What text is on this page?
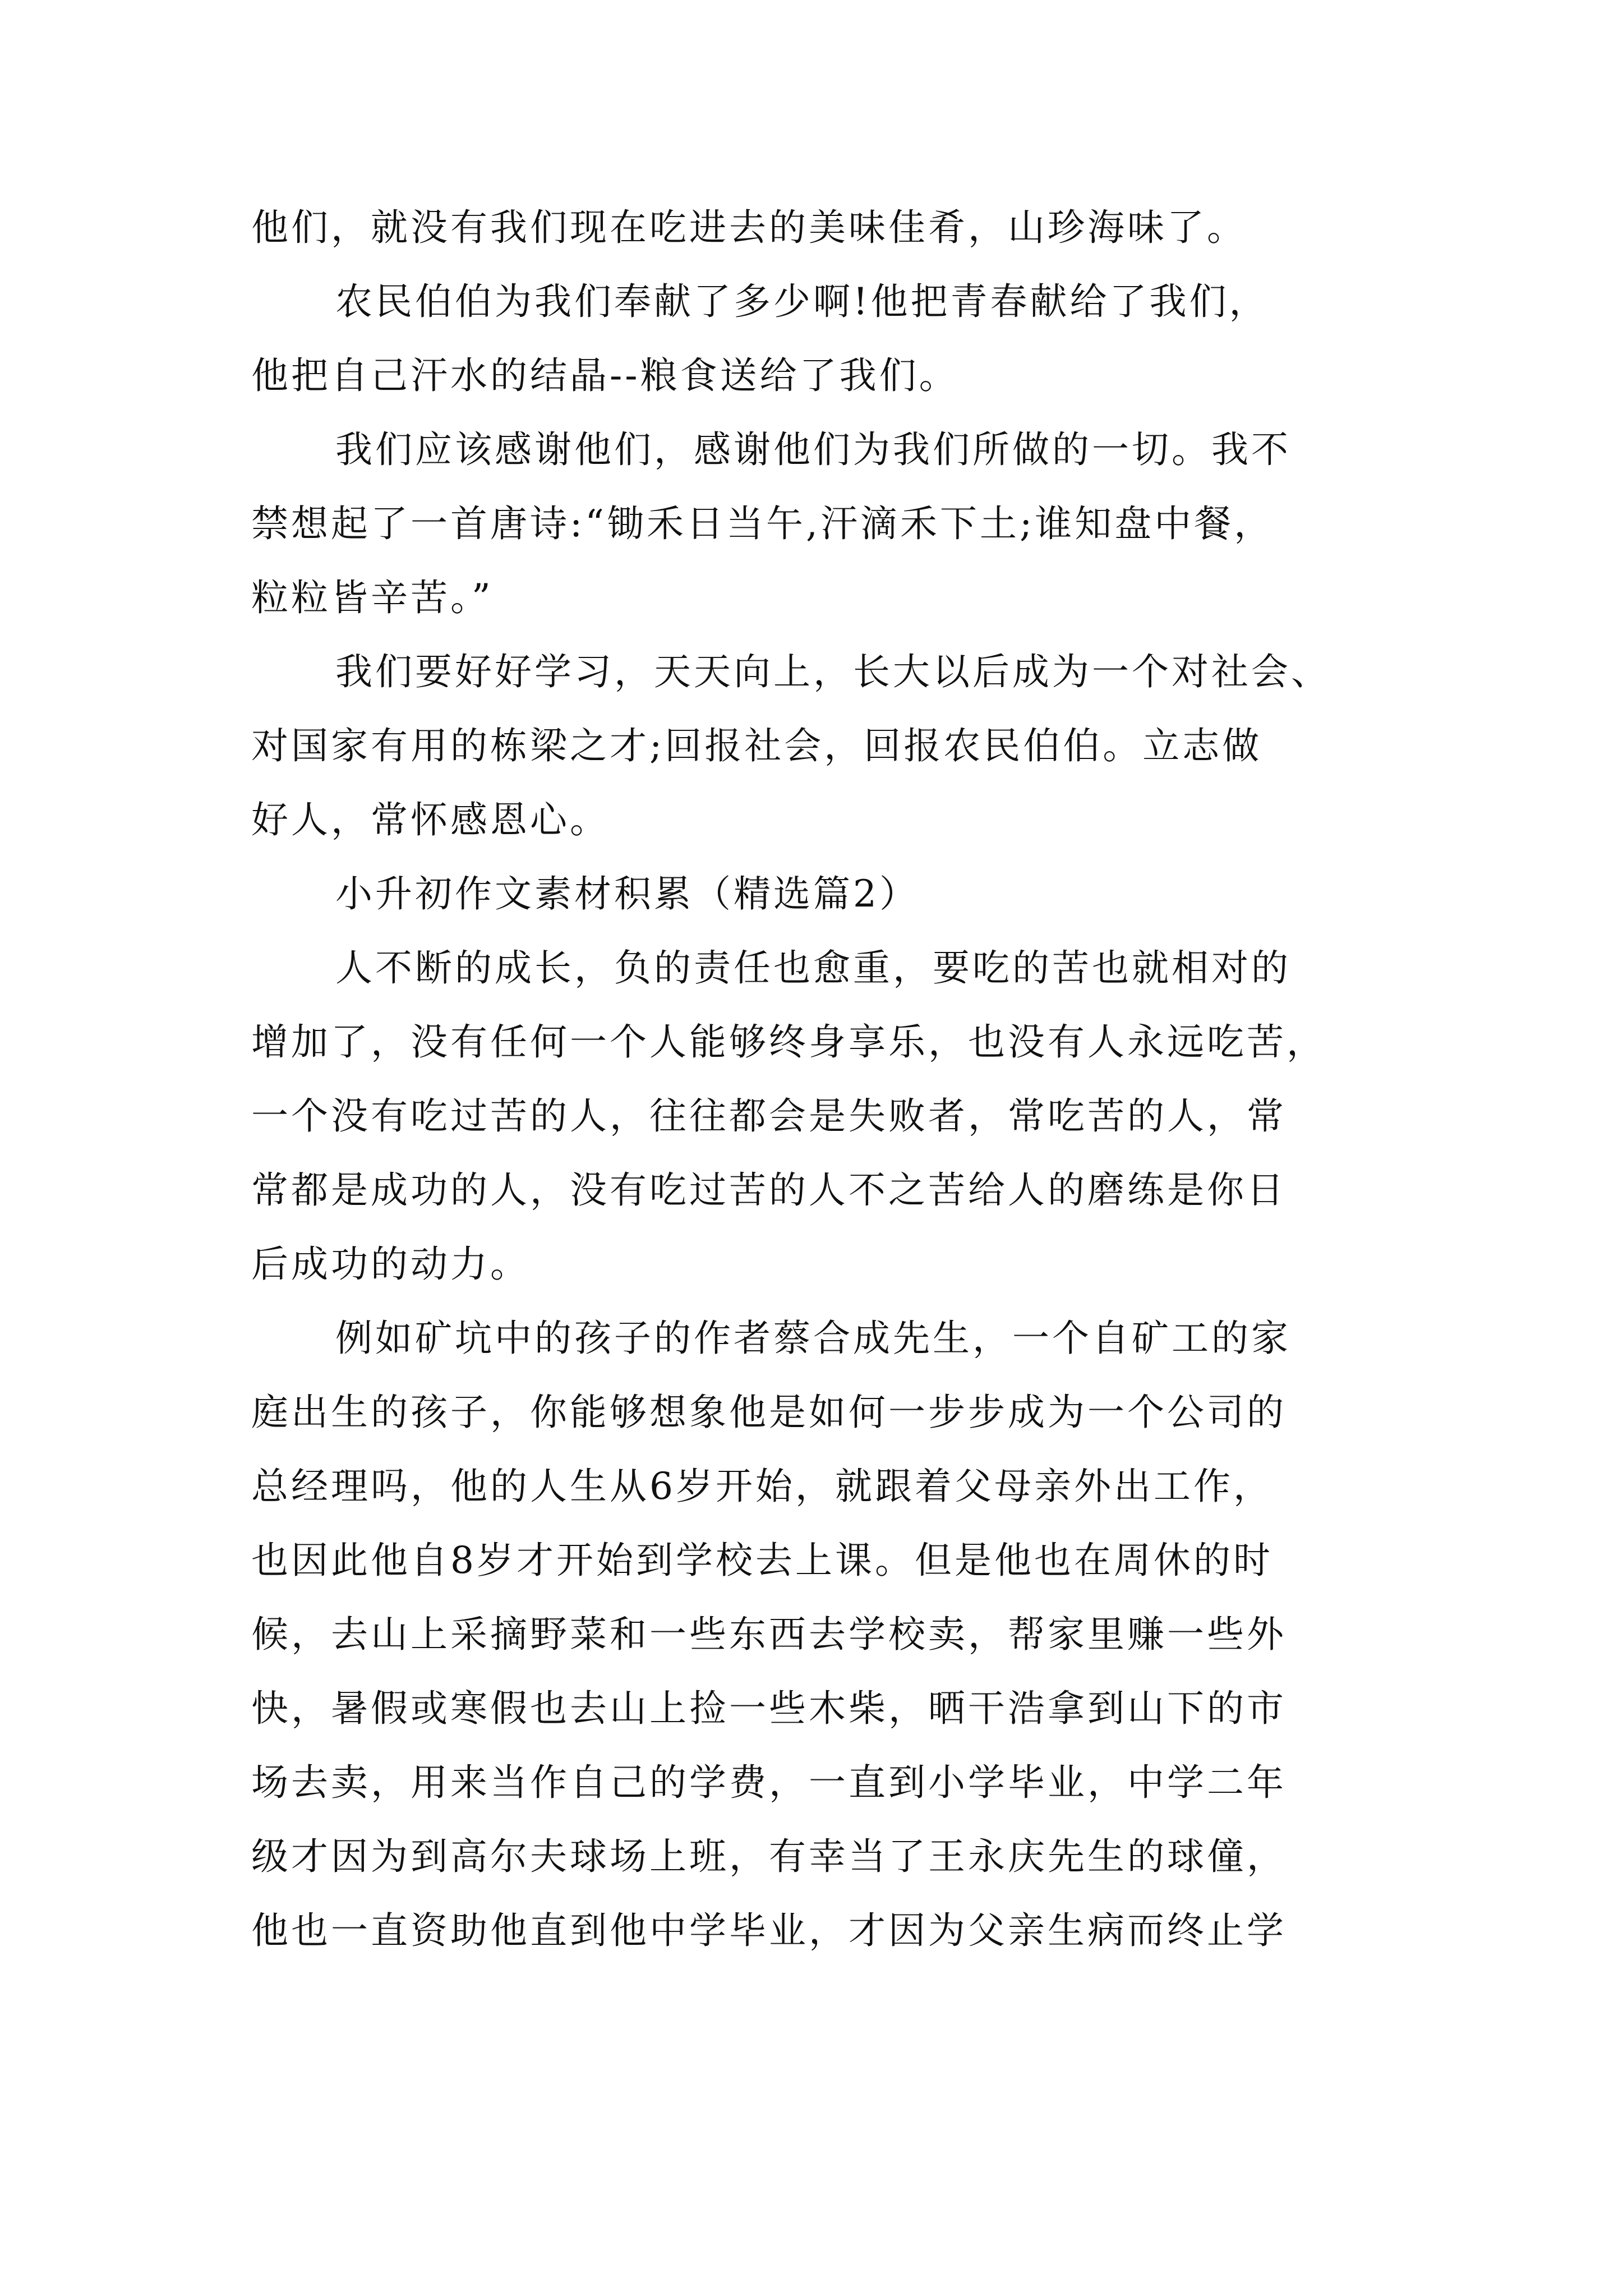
他们，就没有我们现在吃进去的美味佳肴，山珍海味了。
农民伯伯为我们奉献了多少啊!他把青春献给了我们，
他把自己汗水的结晶--粮食送给了我们。
我们应该感谢他们，感谢他们为我们所做的一切。我不
禁想起了一首唐诗:“锄禾日当午,汗滴禾下土;谁知盘中餐，
粒粒皆辛苦。”
我们要好好学习，天天向上，长大以后成为一个对社会、
对国家有用的栋梁之才;回报社会，回报农民伯伯。立志做
好人，常怀感恩心。
小升初作文素材积累（精选篇2）
人不断的成长，负的责任也愈重，要吃的苦也就相对的
增加了，没有任何一个人能够终身享乐，也没有人永远吃苦，
一个没有吃过苦的人，往往都会是失败者，常吃苦的人，常
常都是成功的人，没有吃过苦的人不之苦给人的磨练是你日
后成功的动力。
例如矿坑中的孩子的作者蔡合成先生，一个自矿工的家
庭出生的孩子，你能够想象他是如何一步步成为一个公司的
总经理吗，他的人生从6岁开始，就跟着父母亲外出工作，
也因此他自8岁才开始到学校去上课。但是他也在周休的时
候，去山上采摘野菜和一些东西去学校卖，帮家里赚一些外
快，暑假或寒假也去山上捡一些木柴，晒干浩拿到山下的市
场去卖，用来当作自己的学费，一直到小学毕业，中学二年
级才因为到高尔夫球场上班，有幸当了王永庆先生的球僮，
他也一直资助他直到他中学毕业，才因为父亲生病而终止学
